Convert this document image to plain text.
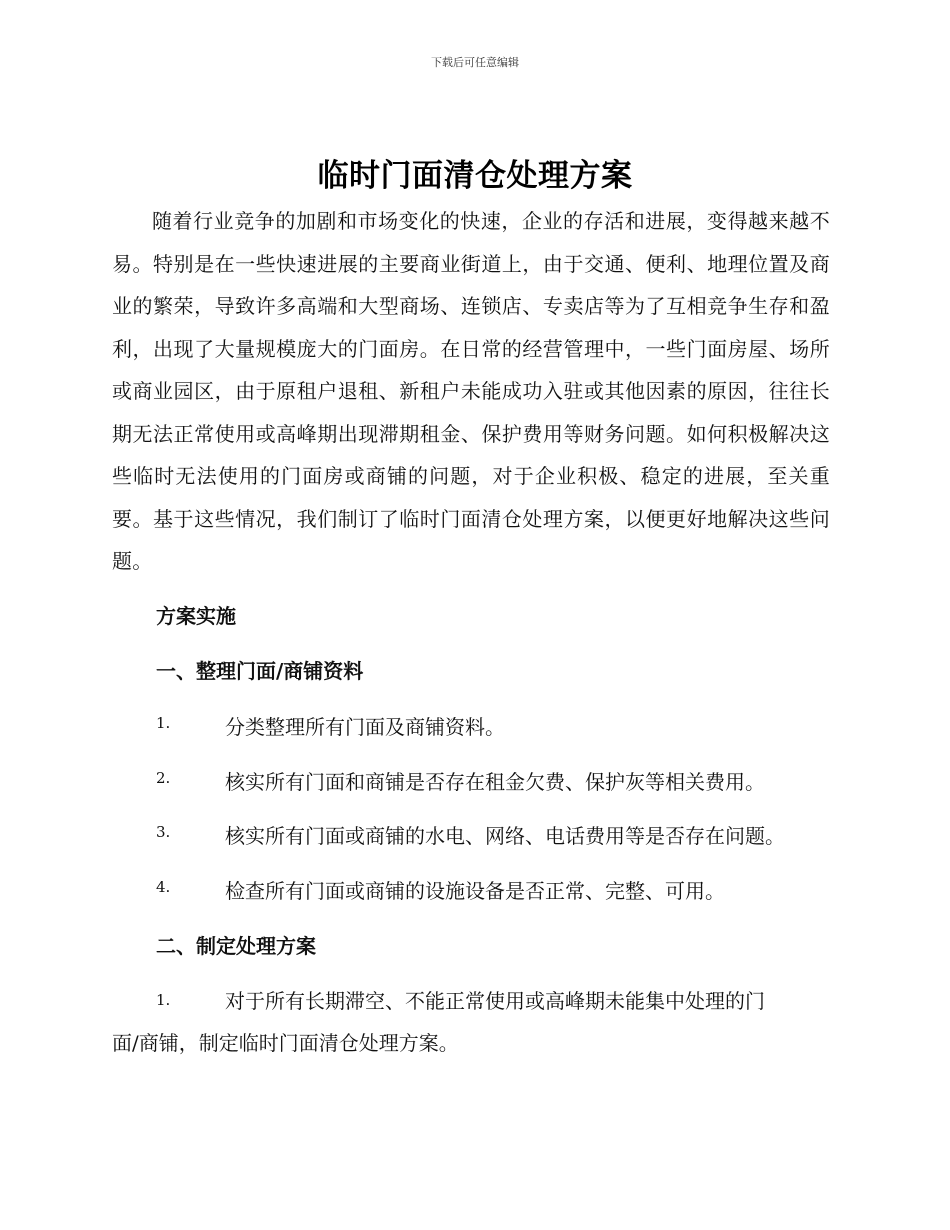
下载后可任意编辑
临时门面清仓处理方案

随着行业竞争的加剧和市场变化的快速，企业的存活和进展，变得越来越不易。特别是在一些快速进展的主要商业街道上，由于交通、便利、地理位置及商业的繁荣，导致许多高端和大型商场、连锁店、专卖店等为了互相竞争生存和盈利，出现了大量规模庞大的门面房。在日常的经营管理中，一些门面房屋、场所或商业园区，由于原租户退租、新租户未能成功入驻或其他因素的原因，往往长期无法正常使用或高峰期出现滞期租金、保护费用等财务问题。如何积极解决这些临时无法使用的门面房或商铺的问题，对于企业积极、稳定的进展，至关重要。基于这些情况，我们制订了临时门面清仓处理方案，以便更好地解决这些问题。

方案实施

一、整理门面/商铺资料

1.	分类整理所有门面及商铺资料。
2.	核实所有门面和商铺是否存在租金欠费、保护灰等相关费用。
3.	核实所有门面或商铺的水电、网络、电话费用等是否存在问题。
4.	检查所有门面或商铺的设施设备是否正常、完整、可用。

二、制定处理方案

1.	对于所有长期滞空、不能正常使用或高峰期未能集中处理的门
面/商铺，制定临时门面清仓处理方案。
